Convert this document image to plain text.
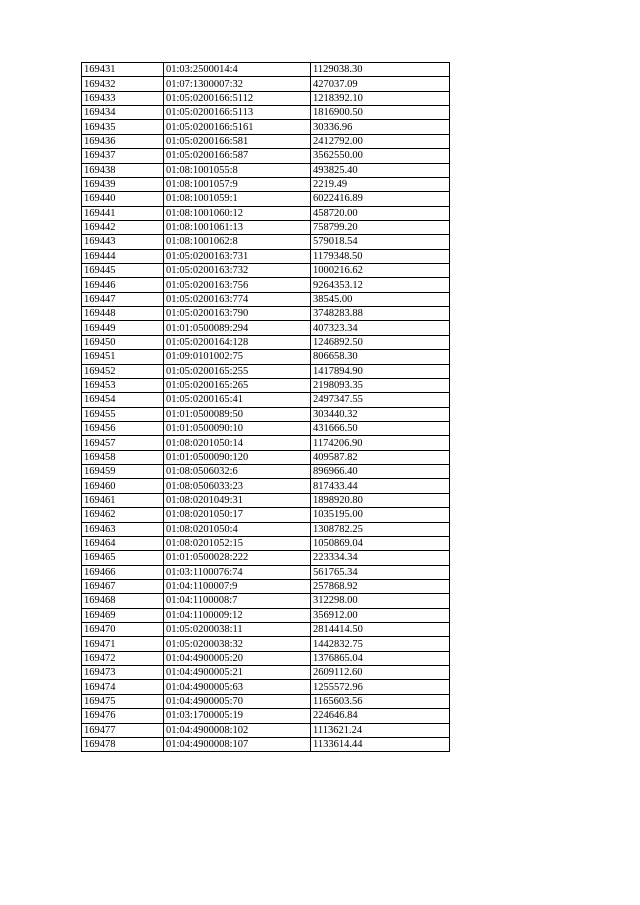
169431	01:03:2500014:4	1129038.30
169432	01:07:1300007:32	427037.09
169433	01:05:0200166:5112	1218392.10
169434	01:05:0200166:5113	1816900.50
169435	01:05:0200166:5161	30336.96
169436	01:05:0200166:581	2412792.00
169437	01:05:0200166:587	3562550.00
169438	01:08:1001055:8	493825.40
169439	01:08:1001057:9	2219.49
169440	01:08:1001059:1	6022416.89
169441	01:08:1001060:12	458720.00
169442	01:08:1001061:13	758799.20
169443	01:08:1001062:8	579018.54
169444	01:05:0200163:731	1179348.50
169445	01:05:0200163:732	1000216.62
169446	01:05:0200163:756	9264353.12
169447	01:05:0200163:774	38545.00
169448	01:05:0200163:790	3748283.88
169449	01:01:0500089:294	407323.34
169450	01:05:0200164:128	1246892.50
169451	01:09:0101002:75	806658.30
169452	01:05:0200165:255	1417894.90
169453	01:05:0200165:265	2198093.35
169454	01:05:0200165:41	2497347.55
169455	01:01:0500089:50	303440.32
169456	01:01:0500090:10	431666.50
169457	01:08:0201050:14	1174206.90
169458	01:01:0500090:120	409587.82
169459	01:08:0506032:6	896966.40
169460	01:08:0506033:23	817433.44
169461	01:08:0201049:31	1898920.80
169462	01:08:0201050:17	1035195.00
169463	01:08:0201050:4	1308782.25
169464	01:08:0201052:15	1050869.04
169465	01:01:0500028:222	223334.34
169466	01:03:1100076:74	561765.34
169467	01:04:1100007:9	257868.92
169468	01:04:1100008:7	312298.00
169469	01:04:1100009:12	356912.00
169470	01:05:0200038:11	2814414.50
169471	01:05:0200038:32	1442832.75
169472	01:04:4900005:20	1376865.04
169473	01:04:4900005:21	2609112.60
169474	01:04:4900005:63	1255572.96
169475	01:04:4900005:70	1165603.56
169476	01:03:1700005:19	224646.84
169477	01:04:4900008:102	1113621.24
169478	01:04:4900008:107	1133614.44
